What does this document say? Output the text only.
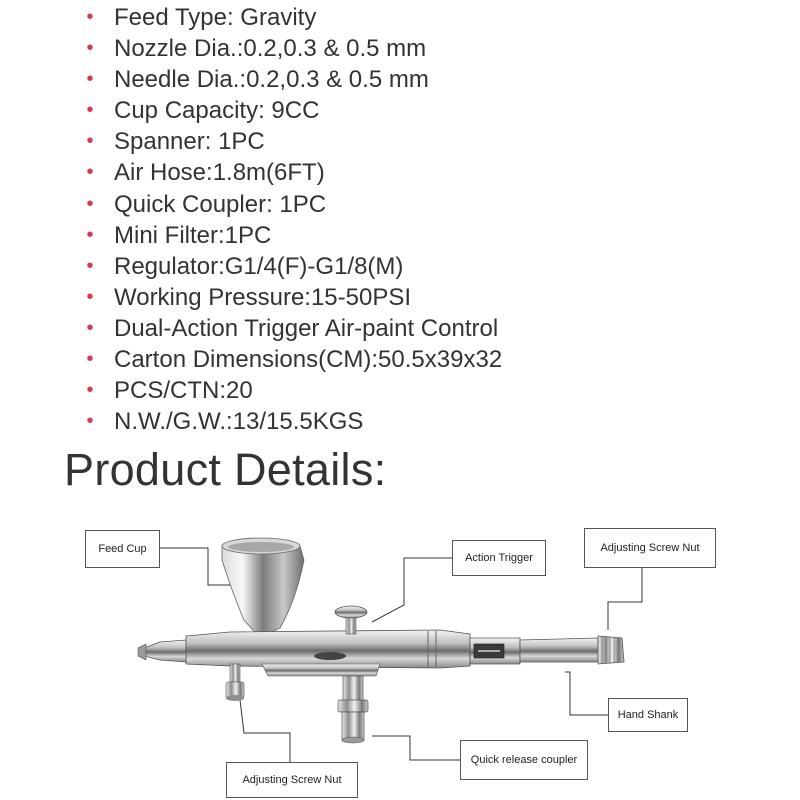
• Feed Type: Gravity
• Nozzle Dia.:0.2,0.3 & 0.5 mm
• Needle Dia.:0.2,0.3 & 0.5 mm
• Cup Capacity: 9CC
• Spanner: 1PC
• Air Hose:1.8m(6FT)
• Quick Coupler: 1PC
• Mini Filter:1PC
• Regulator:G1/4(F)-G1/8(M)
• Working Pressure:15-50PSI
• Dual-Action Trigger Air-paint Control
• Carton Dimensions(CM):50.5x39x32
• PCS/CTN:20
• N.W./G.W.:13/15.5KGS
Product Details:
Feed Cup
Action Trigger
Adjusting Screw Nut
Hand Shank
Quick release coupler
Adjusting Screw Nut
